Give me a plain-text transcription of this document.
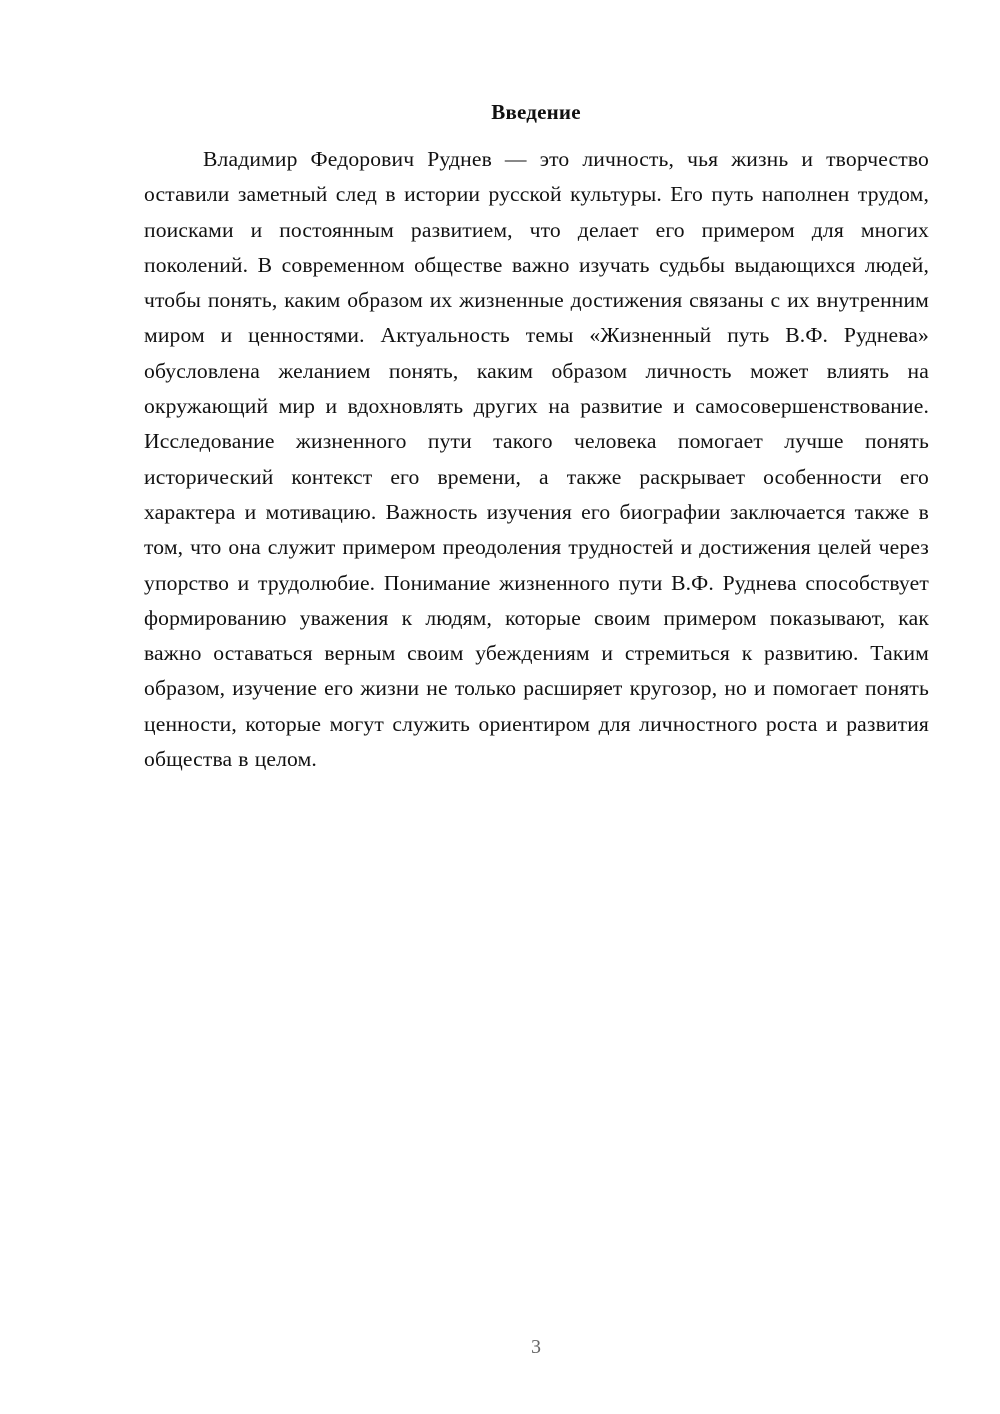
Введение

Владимир Федорович Руднев — это личность, чья жизнь и творчество оставили заметный след в истории русской культуры. Его путь наполнен трудом, поисками и постоянным развитием, что делает его примером для многих поколений. В современном обществе важно изучать судьбы выдающихся людей, чтобы понять, каким образом их жизненные достижения связаны с их внутренним миром и ценностями. Актуальность темы «Жизненный путь В.Ф. Руднева» обусловлена желанием понять, каким образом личность может влиять на окружающий мир и вдохновлять других на развитие и самосовершенствование. Исследование жизненного пути такого человека помогает лучше понять исторический контекст его времени, а также раскрывает особенности его характера и мотивацию. Важность изучения его биографии заключается также в том, что она служит примером преодоления трудностей и достижения целей через упорство и трудолюбие. Понимание жизненного пути В.Ф. Руднева способствует формированию уважения к людям, которые своим примером показывают, как важно оставаться верным своим убеждениям и стремиться к развитию. Таким образом, изучение его жизни не только расширяет кругозор, но и помогает понять ценности, которые могут служить ориентиром для личностного роста и развития общества в целом.

3
